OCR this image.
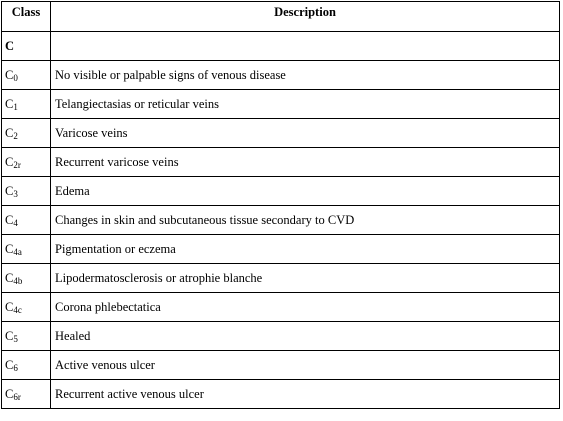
Class	Description
C	
$C_0$	No visible or palpable signs of venous disease
$C_1$	Telangiectasias or reticular veins
$C_2$	Varicose veins
$C_{2r}$	Recurrent varicose veins
$C_3$	Edema
$C_4$	Changes in skin and subcutaneous tissue secondary to CVD
$C_{4a}$	Pigmentation or eczema
$C_{4b}$	Lipodermatosclerosis or atrophie blanche
$C_{4c}$	Corona phlebectatica
$C_5$	Healed
$C_6$	Active venous ulcer
$C_{6r}$	Recurrent active venous ulcer
